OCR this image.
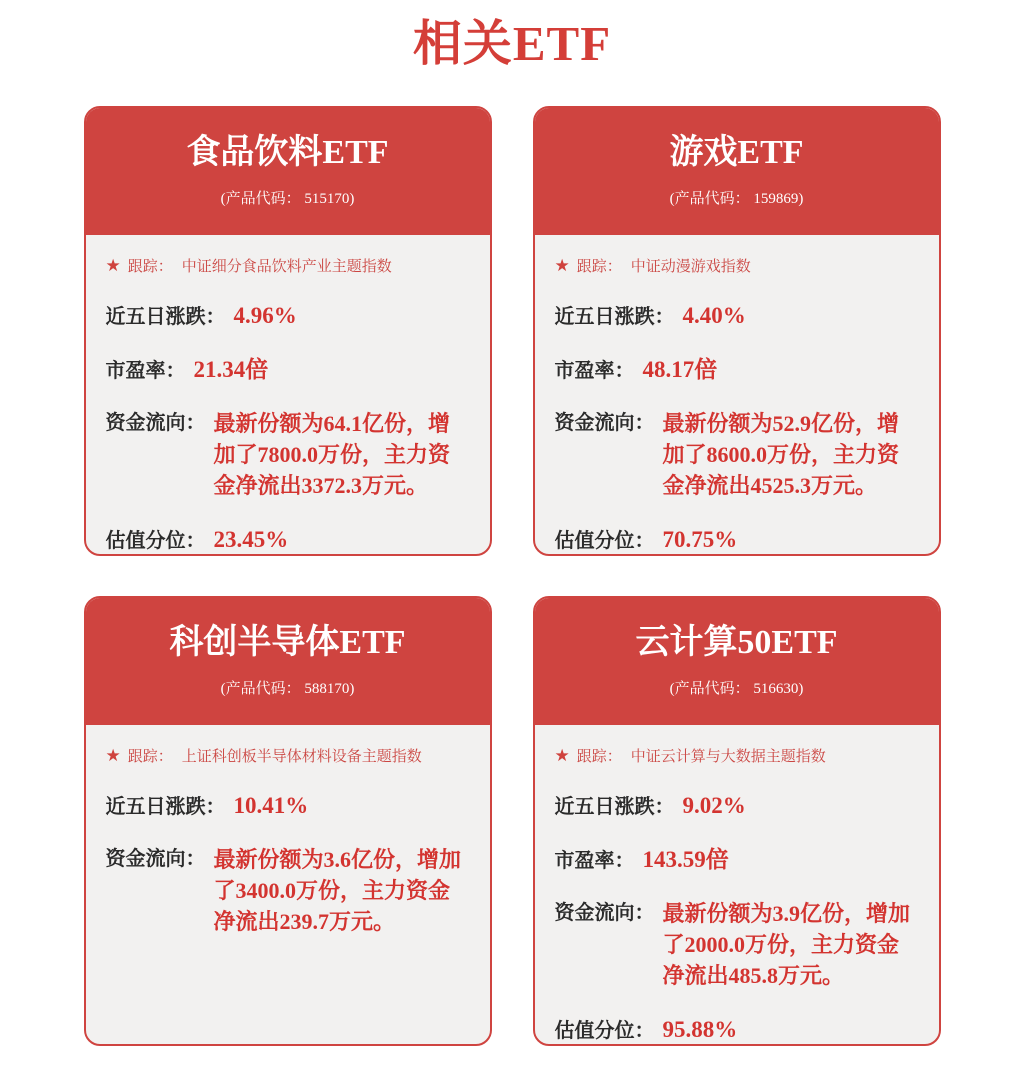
相关ETF
食品饮料ETF
(产品代码： 515170)
★ 跟踪： 中证细分食品饮料产业主题指数
近五日涨跌： 4.96%
市盈率： 21.34倍
资金流向： 最新份额为64.1亿份，增加了7800.0万份，主力资金净流出3372.3万元。
估值分位： 23.45%
游戏ETF
(产品代码： 159869)
★ 跟踪： 中证动漫游戏指数
近五日涨跌： 4.40%
市盈率： 48.17倍
资金流向： 最新份额为52.9亿份，增加了8600.0万份，主力资金净流出4525.3万元。
估值分位： 70.75%
科创半导体ETF
(产品代码： 588170)
★ 跟踪： 上证科创板半导体材料设备主题指数
近五日涨跌： 10.41%
资金流向： 最新份额为3.6亿份，增加了3400.0万份，主力资金净流出239.7万元。
云计算50ETF
(产品代码： 516630)
★ 跟踪： 中证云计算与大数据主题指数
近五日涨跌： 9.02%
市盈率： 143.59倍
资金流向： 最新份额为3.9亿份，增加了2000.0万份，主力资金净流出485.8万元。
估值分位： 95.88%
